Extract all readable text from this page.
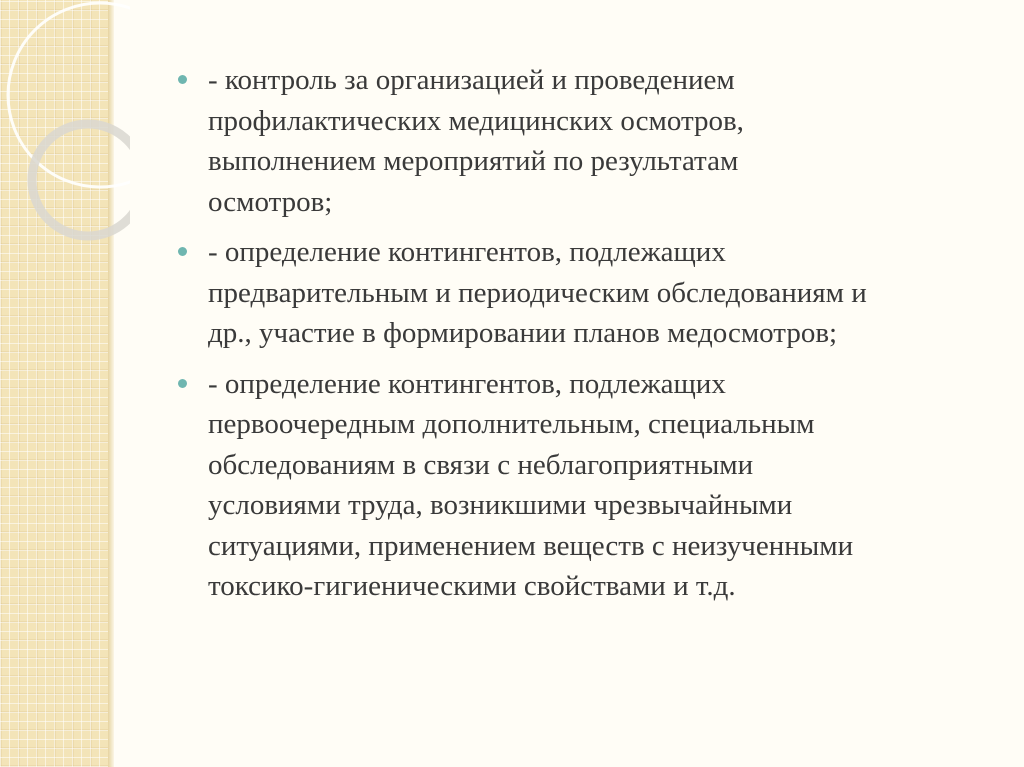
- контроль за организацией и проведением
профилактических медицинских осмотров,
выполнением мероприятий по результатам
осмотров;
- определение контингентов, подлежащих
предварительным и периодическим обследованиям и
др., участие в формировании планов медосмотров;
- определение контингентов, подлежащих
первоочередным дополнительным, специальным
обследованиям в связи с неблагоприятными
условиями труда, возникшими чрезвычайными
ситуациями, применением веществ с неизученными
токсико-гигиеническими свойствами и т.д.
